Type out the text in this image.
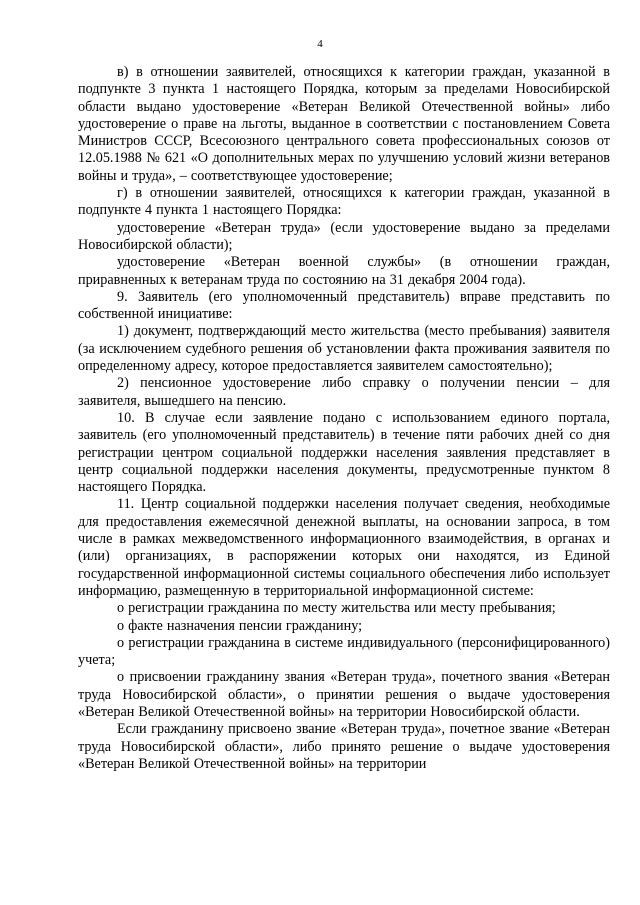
4

в) в отношении заявителей, относящихся к категории граждан, указанной в подпункте 3 пункта 1 настоящего Порядка, которым за пределами Новосибирской области выдано удостоверение «Ветеран Великой Отечественной войны» либо удостоверение о праве на льготы, выданное в соответствии с постановлением Совета Министров СССР, Всесоюзного центрального совета профессиональных союзов от 12.05.1988 № 621 «О дополнительных мерах по улучшению условий жизни ветеранов войны и труда», – соответствующее удостоверение;

г) в отношении заявителей, относящихся к категории граждан, указанной в подпункте 4 пункта 1 настоящего Порядка:

удостоверение «Ветеран труда» (если удостоверение выдано за пределами Новосибирской области);

удостоверение «Ветеран военной службы» (в отношении граждан, приравненных к ветеранам труда по состоянию на 31 декабря 2004 года).

9. Заявитель (его уполномоченный представитель) вправе представить по собственной инициативе:

1) документ, подтверждающий место жительства (место пребывания) заявителя (за исключением судебного решения об установлении факта проживания заявителя по определенному адресу, которое предоставляется заявителем самостоятельно);

2) пенсионное удостоверение либо справку о получении пенсии – для заявителя, вышедшего на пенсию.

10. В случае если заявление подано с использованием единого портала, заявитель (его уполномоченный представитель) в течение пяти рабочих дней со дня регистрации центром социальной поддержки населения заявления представляет в центр социальной поддержки населения документы, предусмотренные пунктом 8 настоящего Порядка.

11. Центр социальной поддержки населения получает сведения, необходимые для предоставления ежемесячной денежной выплаты, на основании запроса, в том числе в рамках межведомственного информационного взаимодействия, в органах и (или) организациях, в распоряжении которых они находятся, из Единой государственной информационной системы социального обеспечения либо использует информацию, размещенную в территориальной информационной системе:

о регистрации гражданина по месту жительства или месту пребывания;

о факте назначения пенсии гражданину;

о регистрации гражданина в системе индивидуального (персонифицированного) учета;

о присвоении гражданину звания «Ветеран труда», почетного звания «Ветеран труда Новосибирской области», о принятии решения о выдаче удостоверения «Ветеран Великой Отечественной войны» на территории Новосибирской области.

Если гражданину присвоено звание «Ветеран труда», почетное звание «Ветеран труда Новосибирской области», либо принято решение о выдаче удостоверения «Ветеран Великой Отечественной войны» на территории
